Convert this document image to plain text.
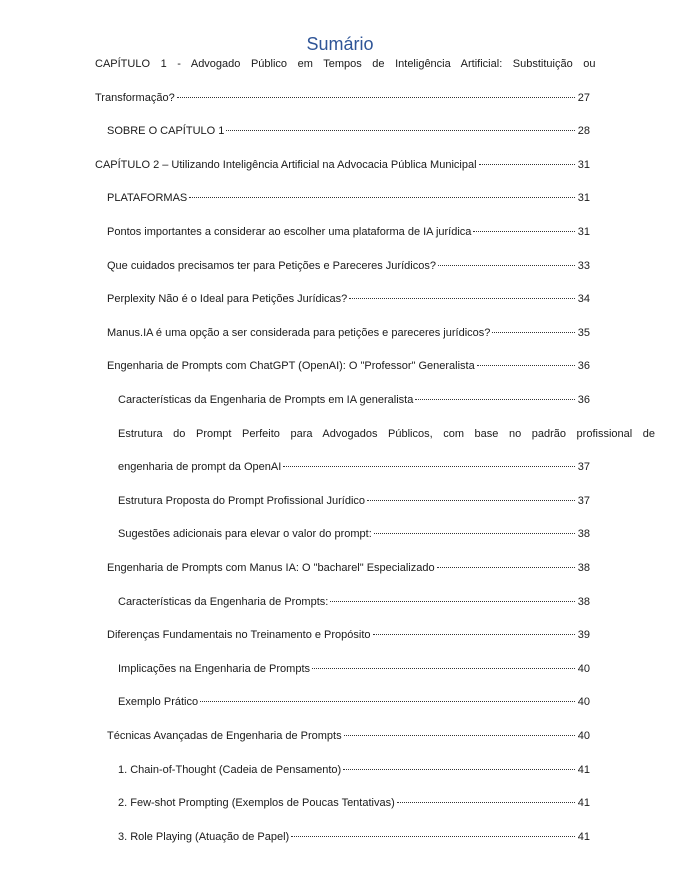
Sumário
CAPÍTULO 1 - Advogado Público em Tempos de Inteligência Artificial: Substituição ou
Transformação?	27
SOBRE O CAPÍTULO 1	28
CAPÍTULO 2 – Utilizando Inteligência Artificial na Advocacia Pública Municipal	31
PLATAFORMAS	31
Pontos importantes a considerar ao escolher uma plataforma de IA jurídica	31
Que cuidados precisamos ter para Petições e Pareceres Jurídicos?	33
Perplexity Não é o Ideal para Petições Jurídicas?	34
Manus.IA é uma opção a ser considerada para petições e pareceres jurídicos?	35
Engenharia de Prompts com ChatGPT (OpenAI): O "Professor" Generalista	36
Características da Engenharia de Prompts em IA generalista	36
Estrutura do Prompt Perfeito para Advogados Públicos, com base no padrão profissional de
engenharia de prompt da OpenAI	37
Estrutura Proposta do Prompt Profissional Jurídico	37
Sugestões adicionais para elevar o valor do prompt:	38
Engenharia de Prompts com Manus IA: O "bacharel" Especializado	38
Características da Engenharia de Prompts:	38
Diferenças Fundamentais no Treinamento e Propósito	39
Implicações na Engenharia de Prompts	40
Exemplo Prático	40
Técnicas Avançadas de Engenharia de Prompts	40
1. Chain-of-Thought (Cadeia de Pensamento)	41
2. Few-shot Prompting (Exemplos de Poucas Tentativas)	41
3. Role Playing (Atuação de Papel)	41
